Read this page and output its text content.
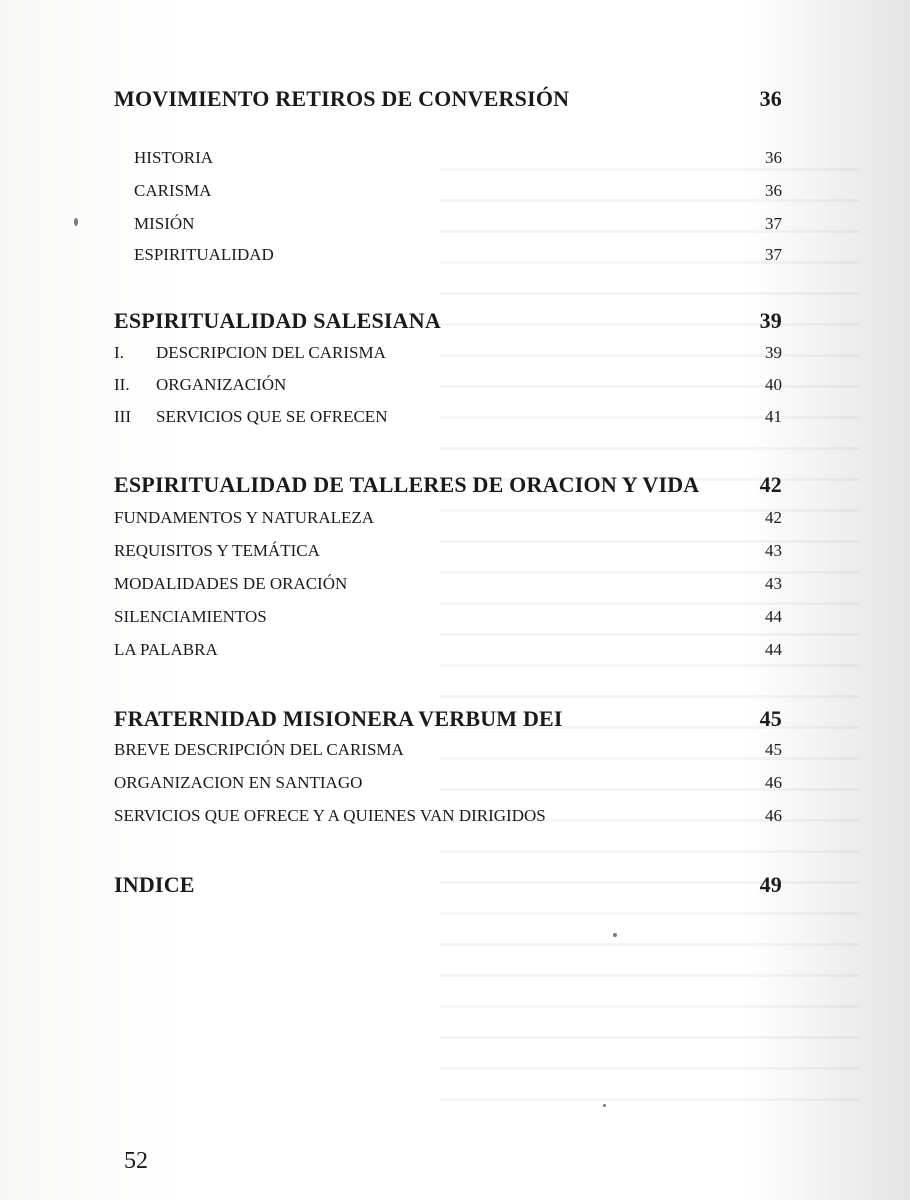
MOVIMIENTO RETIROS DE CONVERSIÓN	36
HISTORIA	36
CARISMA	36
MISIÓN	37
ESPIRITUALIDAD	37
ESPIRITUALIDAD SALESIANA	39
I. DESCRIPCION DEL CARISMA	39
II. ORGANIZACIÓN	40
III SERVICIOS QUE SE OFRECEN	41
ESPIRITUALIDAD DE TALLERES DE ORACION Y VIDA	42
FUNDAMENTOS Y NATURALEZA	42
REQUISITOS Y TEMÁTICA	43
MODALIDADES DE ORACIÓN	43
SILENCIAMIENTOS	44
LA PALABRA	44
FRATERNIDAD MISIONERA VERBUM DEI	45
BREVE DESCRIPCIÓN DEL CARISMA	45
ORGANIZACION EN SANTIAGO	46
SERVICIOS QUE OFRECE Y A QUIENES VAN DIRIGIDOS	46
INDICE	49
52
